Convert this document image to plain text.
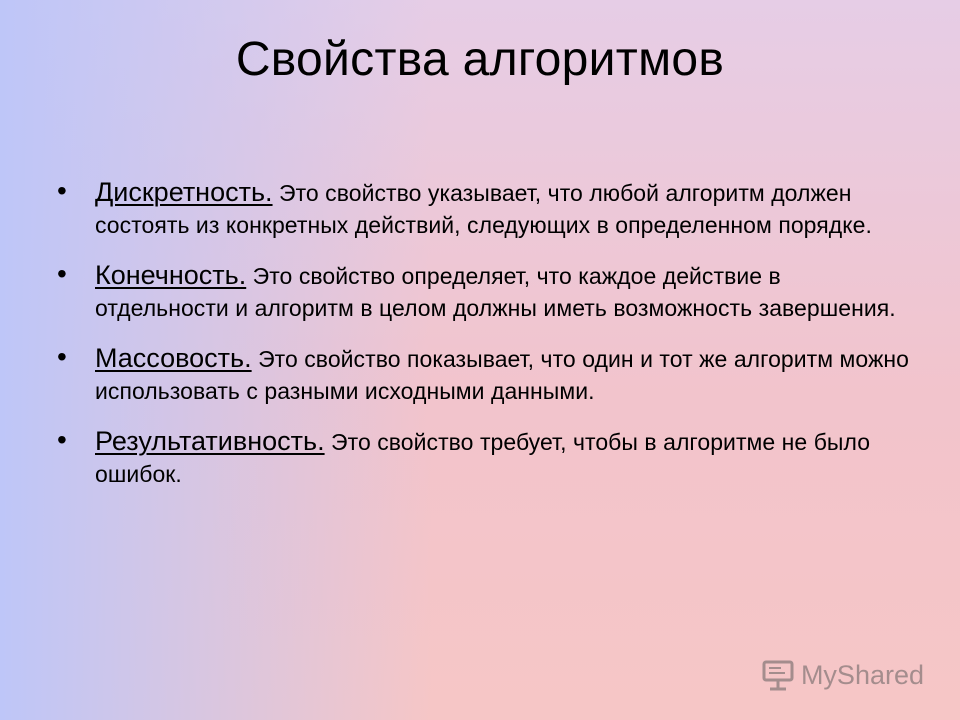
Свойства алгоритмов
• Дискретность. Это свойство указывает, что любой алгоритм должен состоять из конкретных действий, следующих в определенном порядке.
• Конечность. Это свойство определяет, что каждое действие в отдельности и алгоритм в целом должны иметь возможность завершения.
• Массовость. Это свойство показывает, что один и тот же алгоритм можно использовать с разными исходными данными.
• Результативность. Это свойство требует, чтобы в алгоритме не было ошибок.
MyShared
